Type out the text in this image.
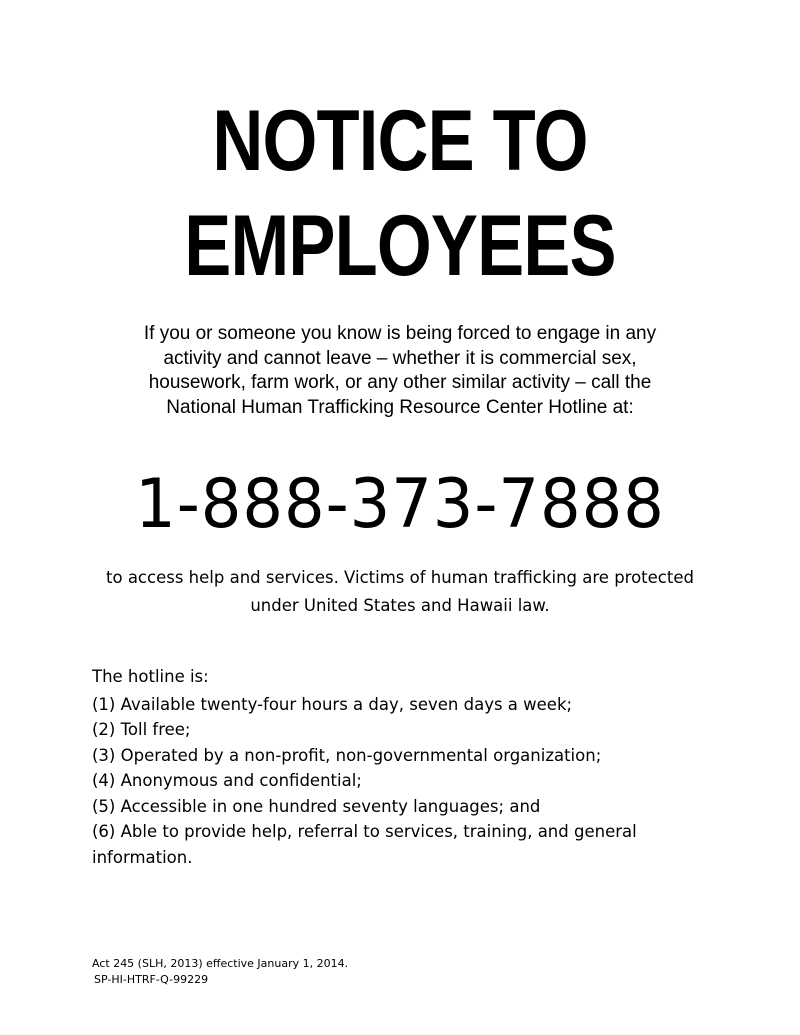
NOTICE TO
EMPLOYEES
If you or someone you know is being forced to engage in any
activity and cannot leave – whether it is commercial sex,
housework, farm work, or any other similar activity – call the
National Human Trafficking Resource Center Hotline at:
1-888-373-7888
to access help and services. Victims of human trafficking are protected
under United States and Hawaii law.
The hotline is:
(1) Available twenty-four hours a day, seven days a week;
(2) Toll free;
(3) Operated by a non-profit, non-governmental organization;
(4) Anonymous and confidential;
(5) Accessible in one hundred seventy languages; and
(6) Able to provide help, referral to services, training, and general
information.
Act 245 (SLH, 2013) effective January 1, 2014.
SP-HI-HTRF-Q-99229
